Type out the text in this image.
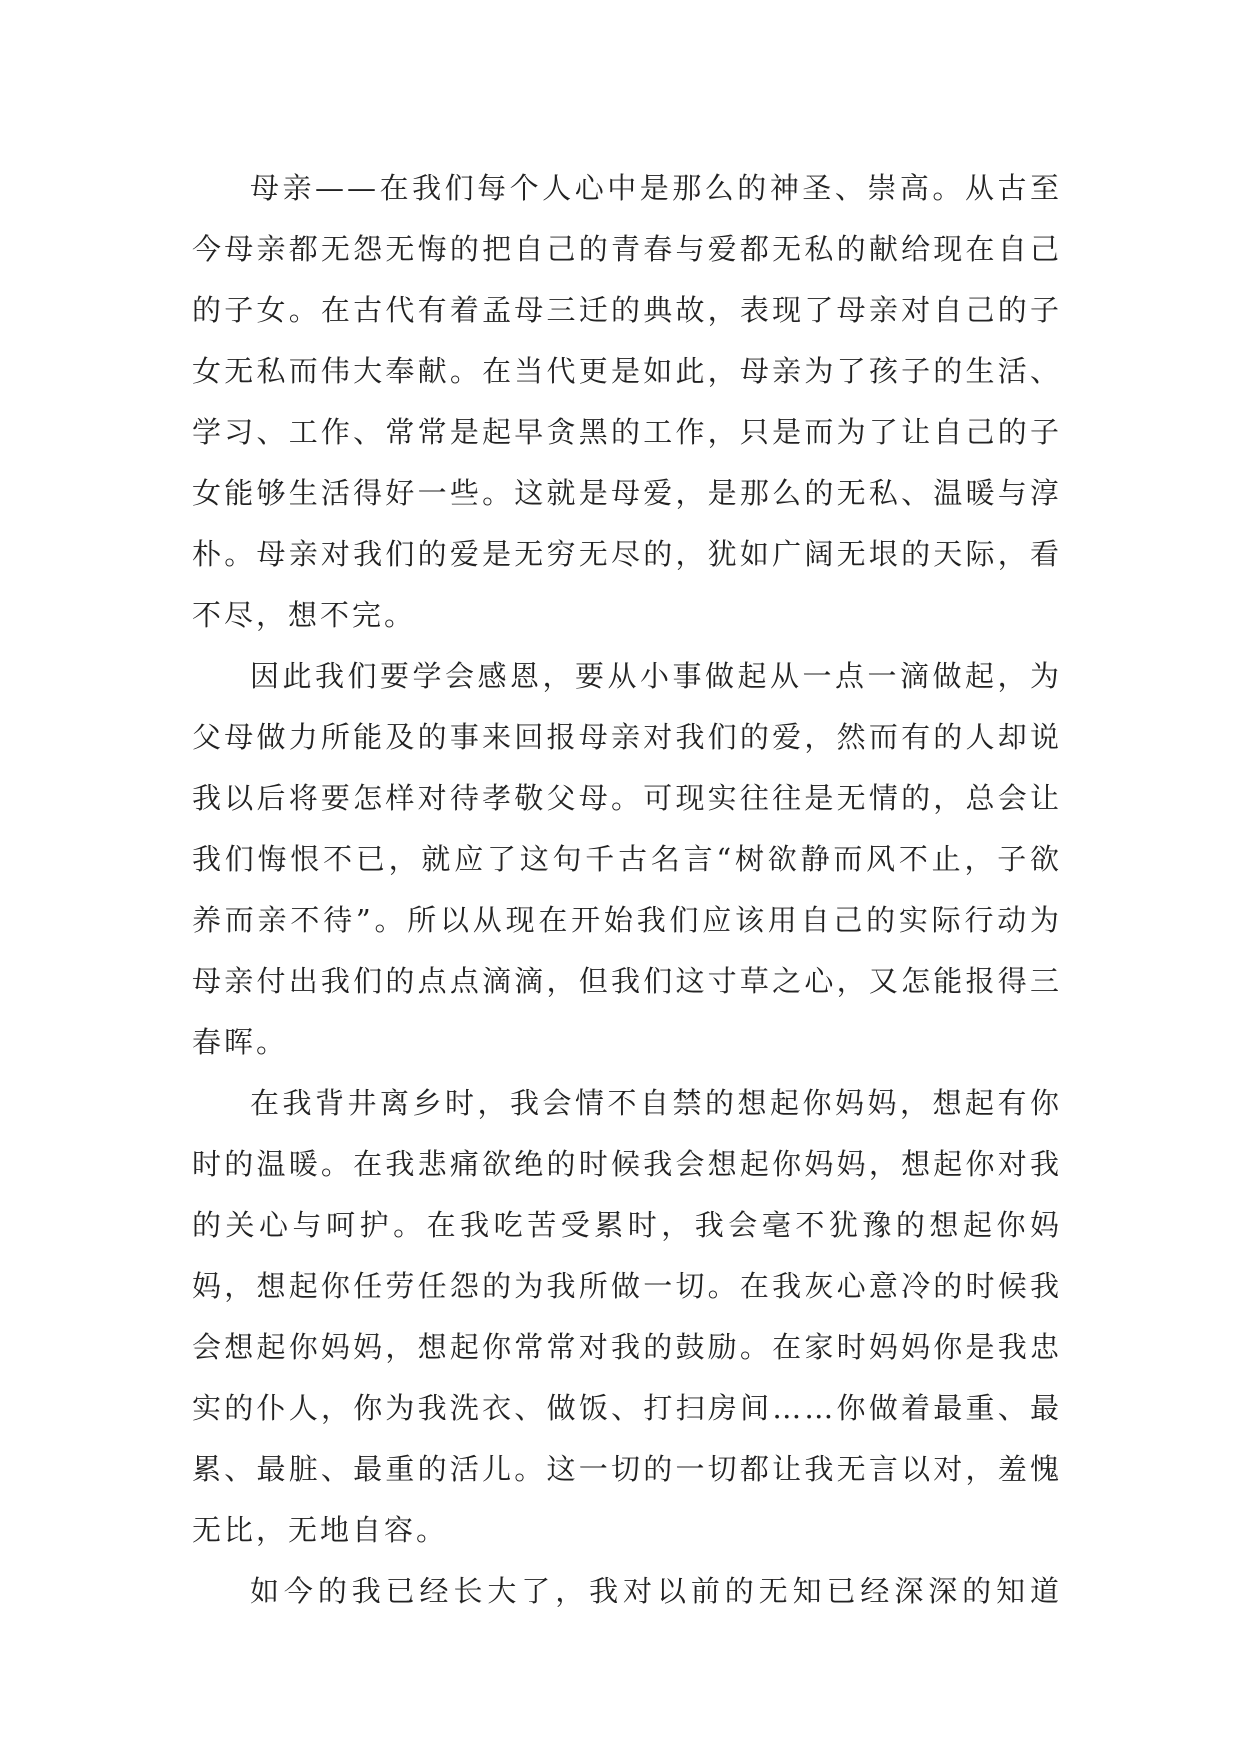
母亲——在我们每个人心中是那么的神圣、崇高。从古至今母亲都无怨无悔的把自己的青春与爱都无私的献给现在自己的子女。在古代有着孟母三迁的典故，表现了母亲对自己的子女无私而伟大奉献。在当代更是如此，母亲为了孩子的生活、学习、工作、常常是起早贪黑的工作，只是而为了让自己的子女能够生活得好一些。这就是母爱，是那么的无私、温暖与淳朴。母亲对我们的爱是无穷无尽的，犹如广阔无垠的天际，看不尽，想不完。

因此我们要学会感恩，要从小事做起从一点一滴做起，为父母做力所能及的事来回报母亲对我们的爱，然而有的人却说我以后将要怎样对待孝敬父母。可现实往往是无情的，总会让我们悔恨不已，就应了这句千古名言“树欲静而风不止，子欲养而亲不待”。所以从现在开始我们应该用自己的实际行动为母亲付出我们的点点滴滴，但我们这寸草之心，又怎能报得三春晖。

在我背井离乡时，我会情不自禁的想起你妈妈，想起有你时的温暖。在我悲痛欲绝的时候我会想起你妈妈，想起你对我的关心与呵护。在我吃苦受累时，我会毫不犹豫的想起你妈妈，想起你任劳任怨的为我所做一切。在我灰心意冷的时候我会想起你妈妈，想起你常常对我的鼓励。在家时妈妈你是我忠实的仆人，你为我洗衣、做饭、打扫房间……你做着最重、最累、最脏、最重的活儿。这一切的一切都让我无言以对，羞愧无比，无地自容。

如今的我已经长大了，我对以前的无知已经深深的知道
